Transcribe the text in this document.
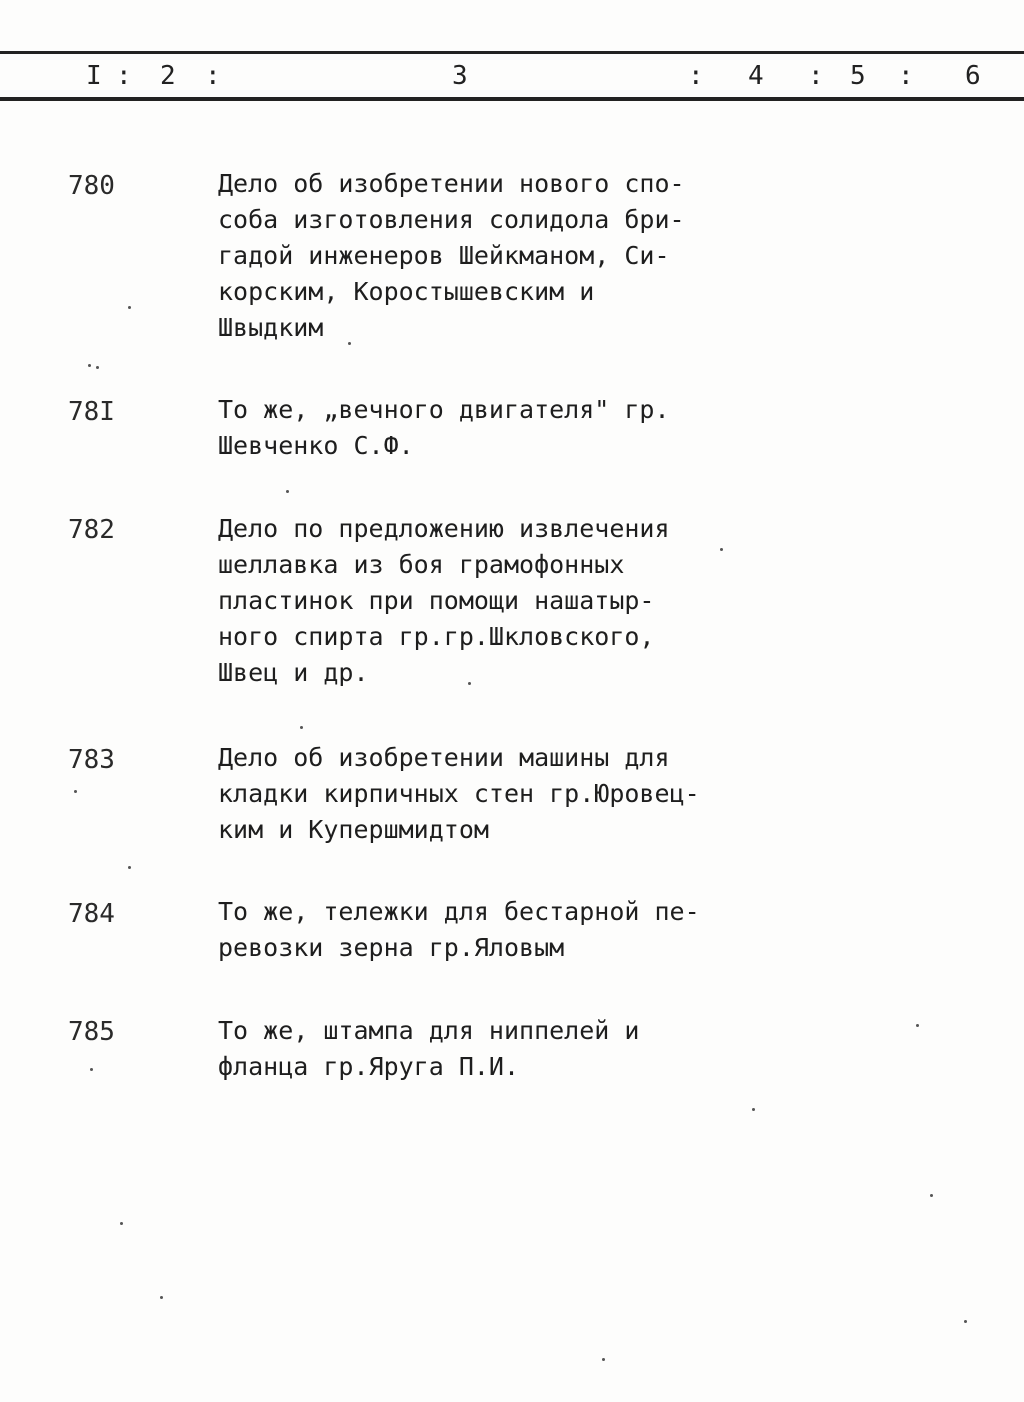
I : 2 :	3	: 4 : 5 : 6
780	Дело об изобретении нового спо-
соба изготовления солидола бри-
гадой инженеров Шейкманом, Си-
корским, Коростышевским и
Швыдким
78I	То же, „вечного двигателя" гр.
Шевченко С.Ф.
782	Дело по предложению извлечения
шеллавка из боя грамофонных
пластинок при помощи нашатыр-
ного спирта гр.гр.Шкловского,
Швец и др.
783	Дело об изобретении машины для
кладки кирпичных стен гр.Юровец-
ким и Купершмидтом
784	То же, тележки для бестарной пе-
ревозки зерна гр.Яловым
785	То же, штампа для ниппелей и
фланца гр.Яруга П.И.
